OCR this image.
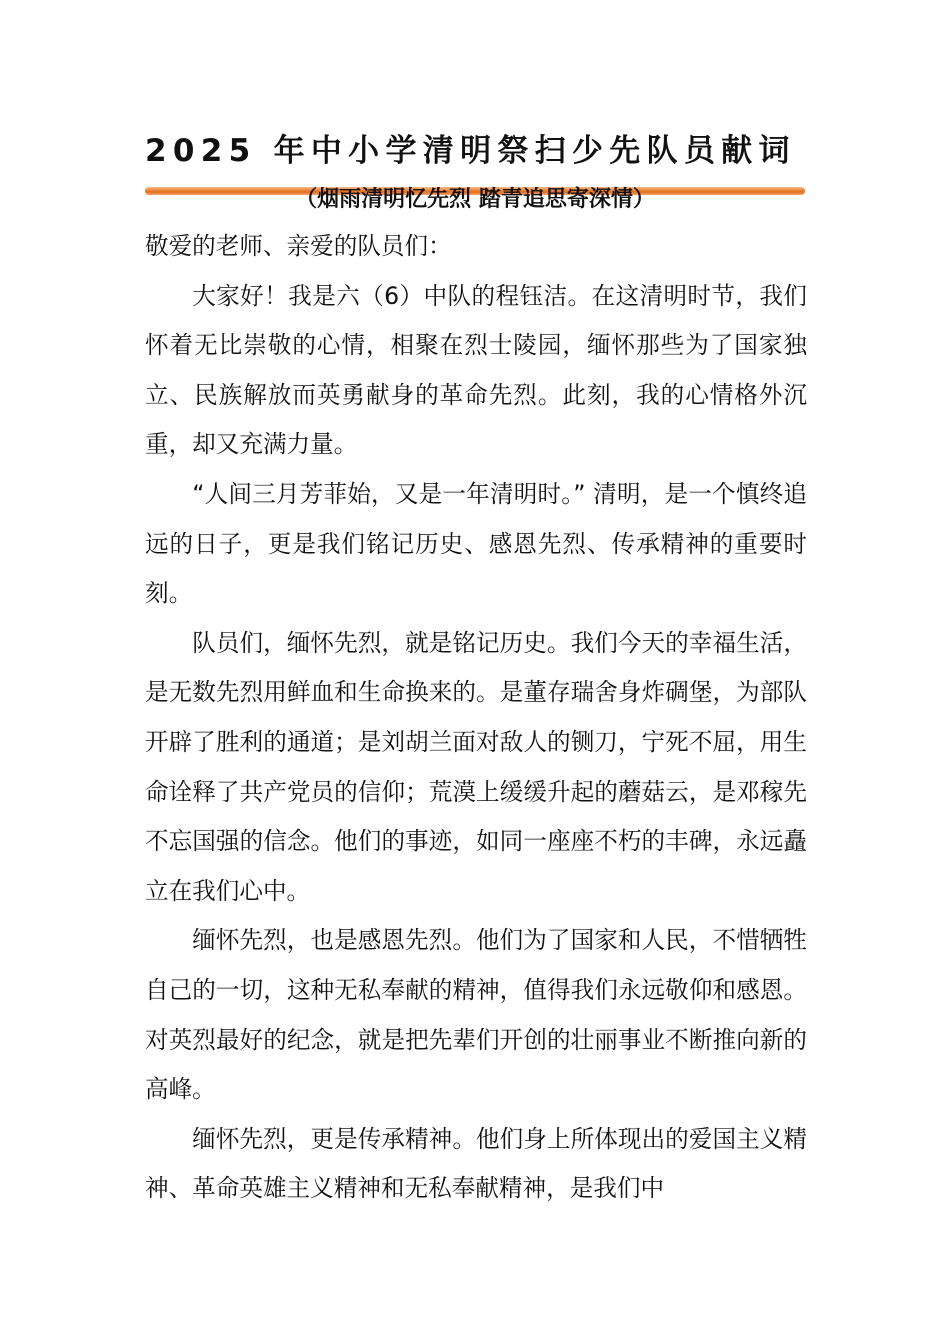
2025 年中小学清明祭扫少先队员献词
（烟雨清明忆先烈 踏青追思寄深情）

敬爱的老师、亲爱的队员们：

大家好！我是六（6）中队的程钰洁。在这清明时节，我们怀着无比崇敬的心情，相聚在烈士陵园，缅怀那些为了国家独立、民族解放而英勇献身的革命先烈。此刻，我的心情格外沉重，却又充满力量。

“人间三月芳菲始，又是一年清明时。” 清明，是一个慎终追远的日子，更是我们铭记历史、感恩先烈、传承精神的重要时刻。

队员们，缅怀先烈，就是铭记历史。我们今天的幸福生活，是无数先烈用鲜血和生命换来的。是董存瑞舍身炸碉堡，为部队开辟了胜利的通道；是刘胡兰面对敌人的铡刀，宁死不屈，用生命诠释了共产党员的信仰；荒漠上缓缓升起的蘑菇云，是邓稼先不忘国强的信念。他们的事迹，如同一座座不朽的丰碑，永远矗立在我们心中。

缅怀先烈，也是感恩先烈。他们为了国家和人民，不惜牺牲自己的一切，这种无私奉献的精神，值得我们永远敬仰和感恩。对英烈最好的纪念，就是把先辈们开创的壮丽事业不断推向新的高峰。

缅怀先烈，更是传承精神。他们身上所体现出的爱国主义精神、革命英雄主义精神和无私奉献精神，是我们中
